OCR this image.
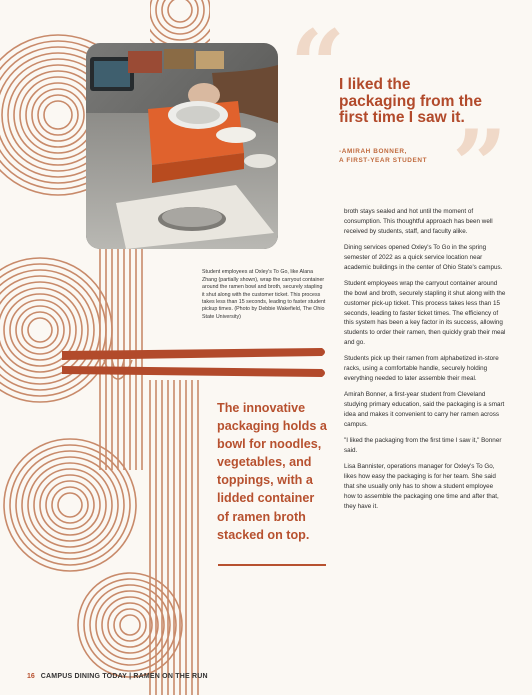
Student employees at Oxley's To Go, like Alana Zhang (partially shown), wrap the carryout container around the ramen bowl and broth, securely stapling it shut along with the customer ticket. This process takes less than 15 seconds, leading to faster student pickup times. (Photo by Debbie Wakefield, The Ohio State University)

“
”
I liked the packaging from the first time I saw it.
-AMIRAH BONNER,
A FIRST-YEAR STUDENT

The innovative packaging holds a bowl for noodles, vegetables, and toppings, with a lidded container of ramen broth stacked on top.

broth stays sealed and hot until the moment of consumption. This thoughtful approach has been well received by students, staff, and faculty alike.

Dining services opened Oxley's To Go in the spring semester of 2022 as a quick service location near academic buildings in the center of Ohio State's campus.

Student employees wrap the carryout container around the bowl and broth, securely stapling it shut along with the customer pick-up ticket. This process takes less than 15 seconds, leading to faster ticket times. The efficiency of this system has been a key factor in its success, allowing students to order their ramen, then quickly grab their meal and go.

Students pick up their ramen from alphabetized in-store racks, using a comfortable handle, securely holding everything needed to later assemble their meal.

Amirah Bonner, a first-year student from Cleveland studying primary education, said the packaging is a smart idea and makes it convenient to carry her ramen across campus.

"I liked the packaging from the first time I saw it," Bonner said.

Lisa Bannister, operations manager for Oxley's To Go, likes how easy the packaging is for her team. She said that she usually only has to show a student employee how to assemble the packaging one time and after that, they have it.

16 CAMPUS DINING TODAY | RAMEN ON THE RUN
